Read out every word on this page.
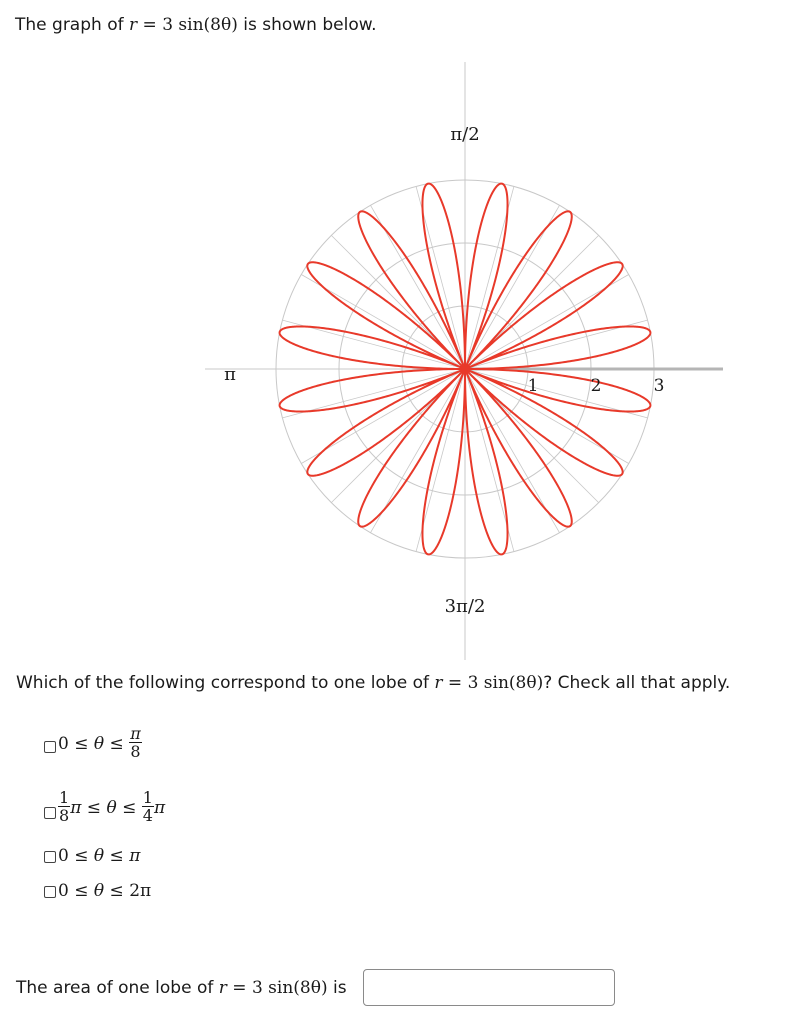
The graph of r = 3 sin(8θ) is shown below.
π/2
π
3π/2
1	2	3
Which of the following correspond to one lobe of r = 3 sin(8θ)? Check all that apply.
$0 \le \theta \le \frac{\pi}{8}$
$\frac{1}{8}$ $\pi \le \theta \le \frac{1}{4}$ π
0 ≤ θ ≤ π
0 ≤ θ ≤ 2π
The area of one lobe of r = 3 sin(8θ) is
